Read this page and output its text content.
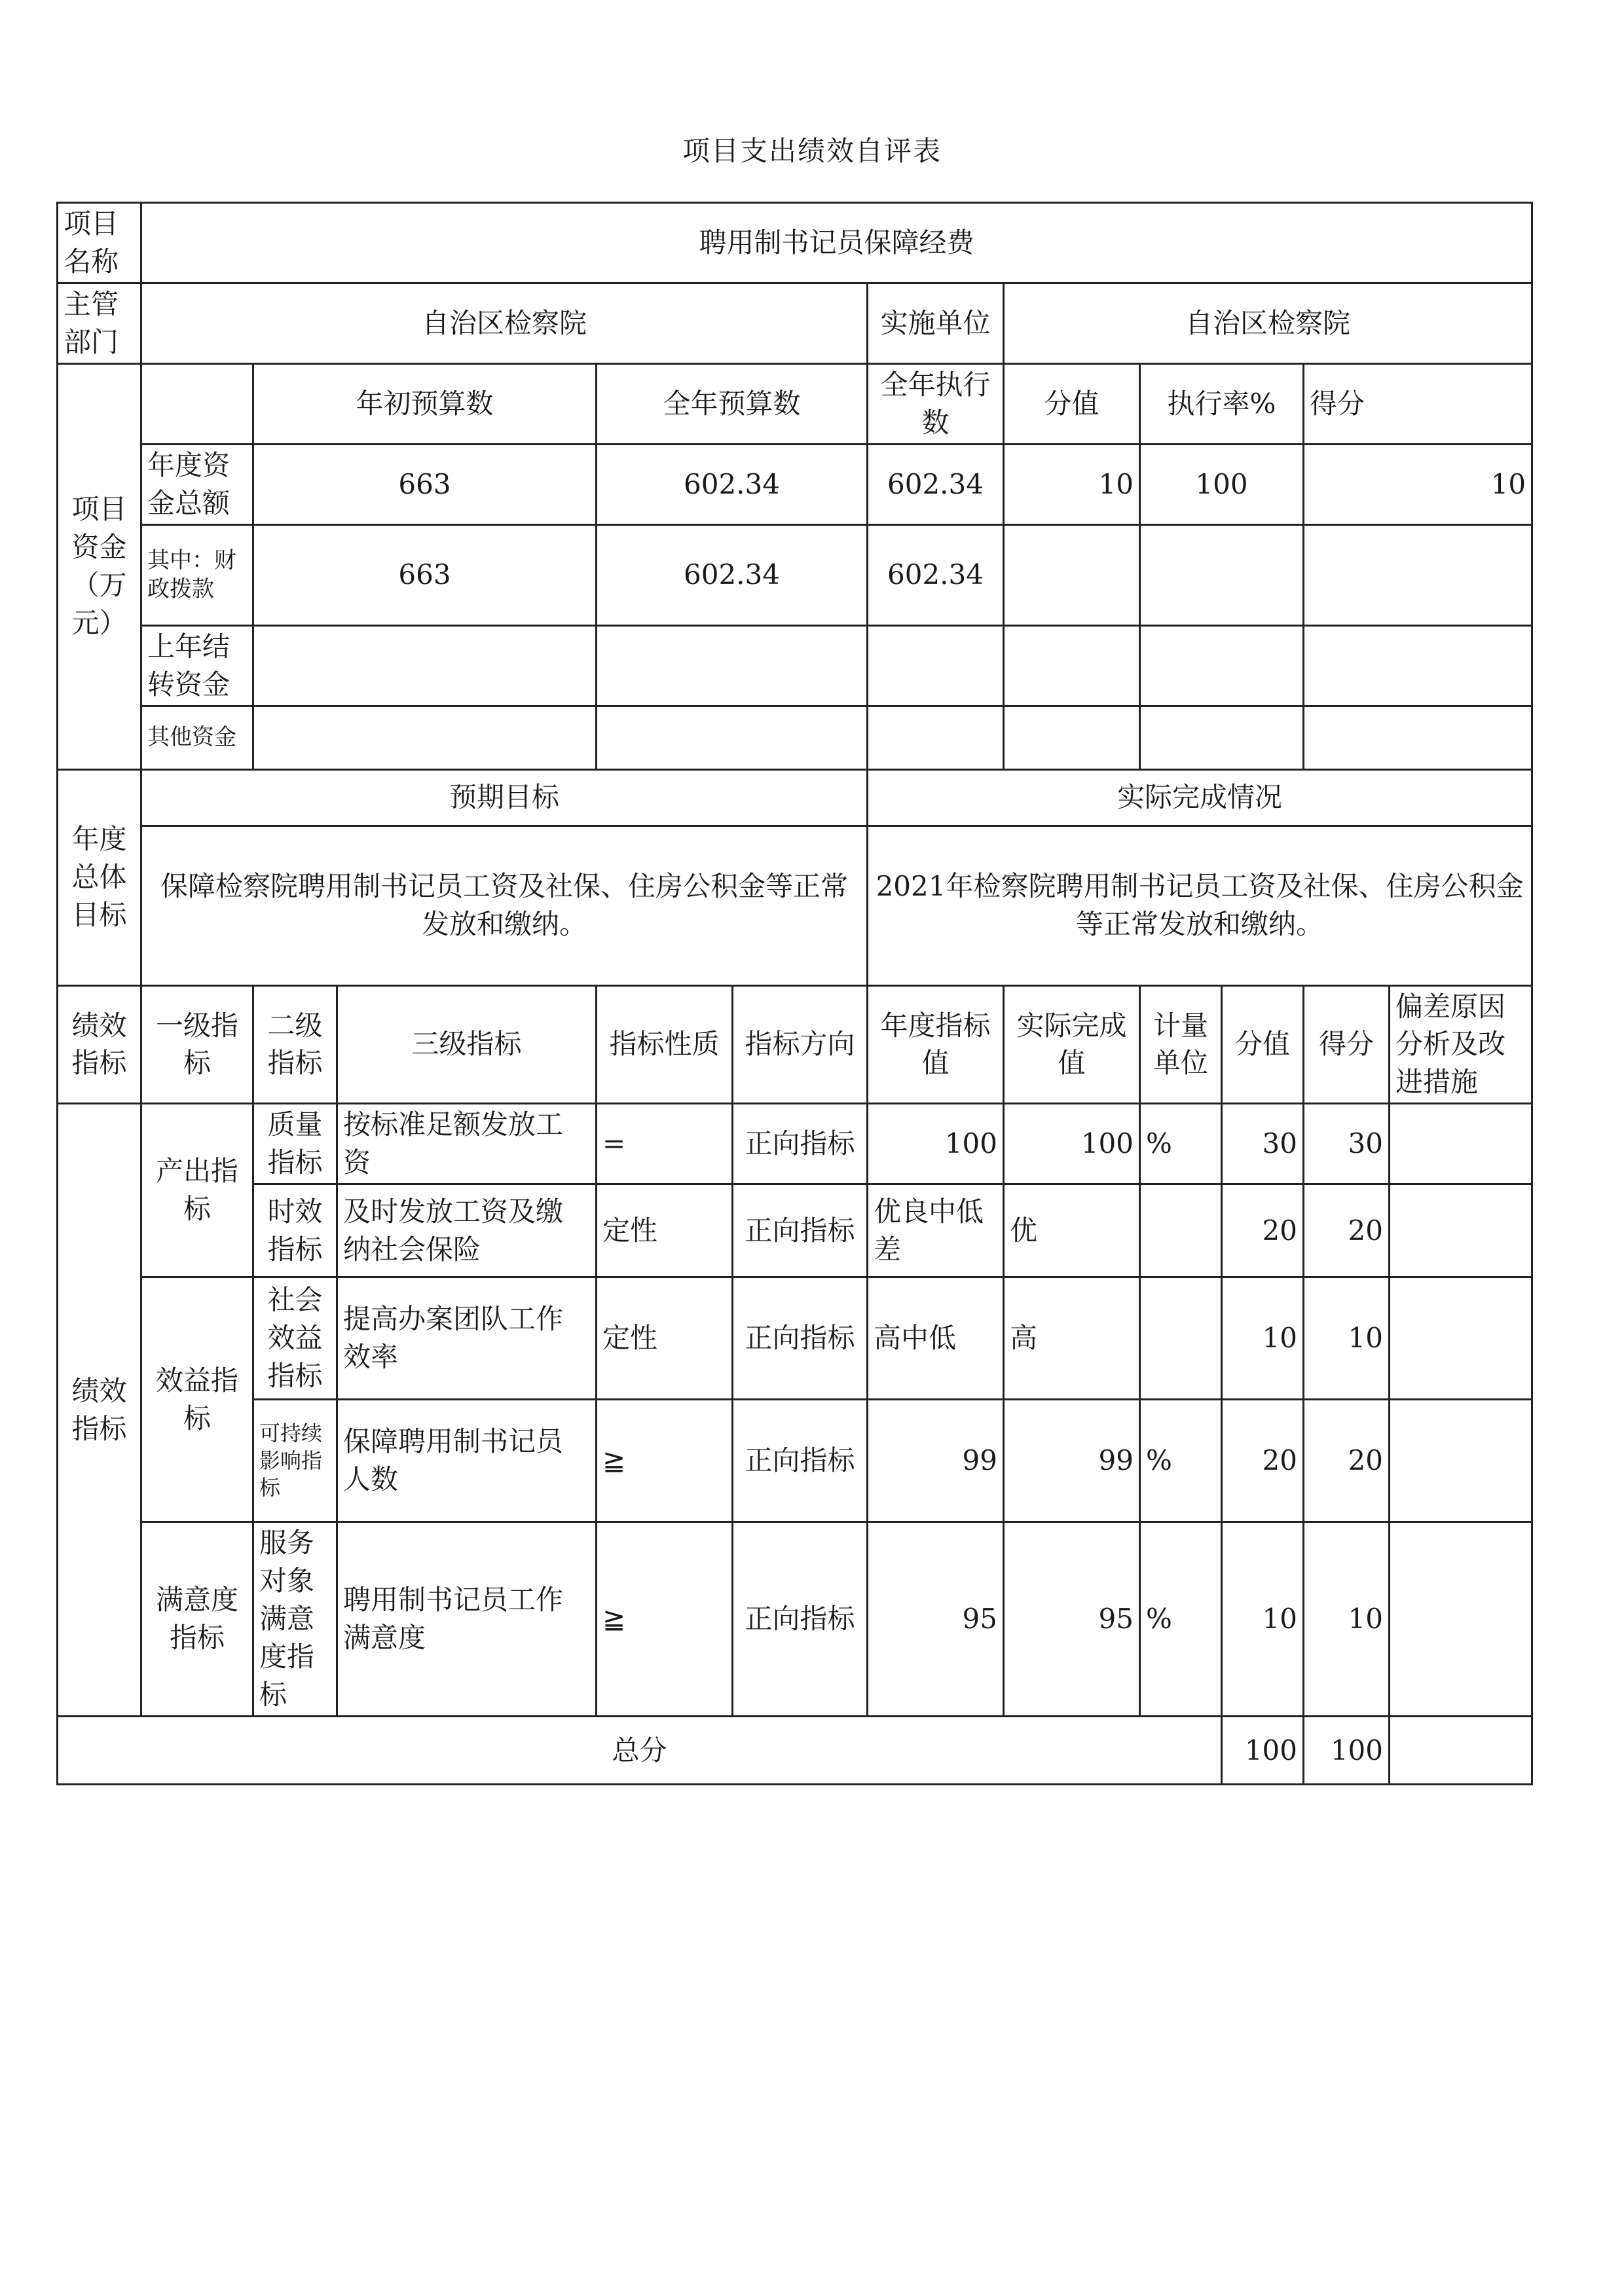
项目支出绩效自评表
项目名称	聘用制书记员保障经费										
主管部门	自治区检察院					实施单位	自治区检察院				
项目资金（万元）		年初预算数		全年预算数		全年执行数	分值	执行率%		得分	
	年度资金总额	663		602.34		602.34	10	100		10	
	其中：财政拨款	663		602.34		602.34					
	上年结转资金										
	其他资金										
年度总体目标	预期目标					实际完成情况					
	保障检察院聘用制书记员工资及社保、住房公积金等正常发放和缴纳。					2021年检察院聘用制书记员工资及社保、住房公积金等正常发放和缴纳。					
绩效指标	一级指标	二级指标	三级指标	指标性质	指标方向	年度指标值	实际完成值	计量单位	分值	得分	偏差原因分析及改进措施
绩效指标	产出指标	质量指标	按标准足额发放工资	=	正向指标	100	100	%	30	30	
		时效指标	及时发放工资及缴纳社会保险	定性	正向指标	优良中低差	优		20	20	
	效益指标	社会效益指标	提高办案团队工作效率	定性	正向指标	高中低	高		10	10	
		可持续影响指标	保障聘用制书记员人数	≧	正向指标	99	99	%	20	20	
	满意度指标	服务对象满意度指标	聘用制书记员工作满意度	≧	正向指标	95	95	%	10	10	
总分									100	100	
